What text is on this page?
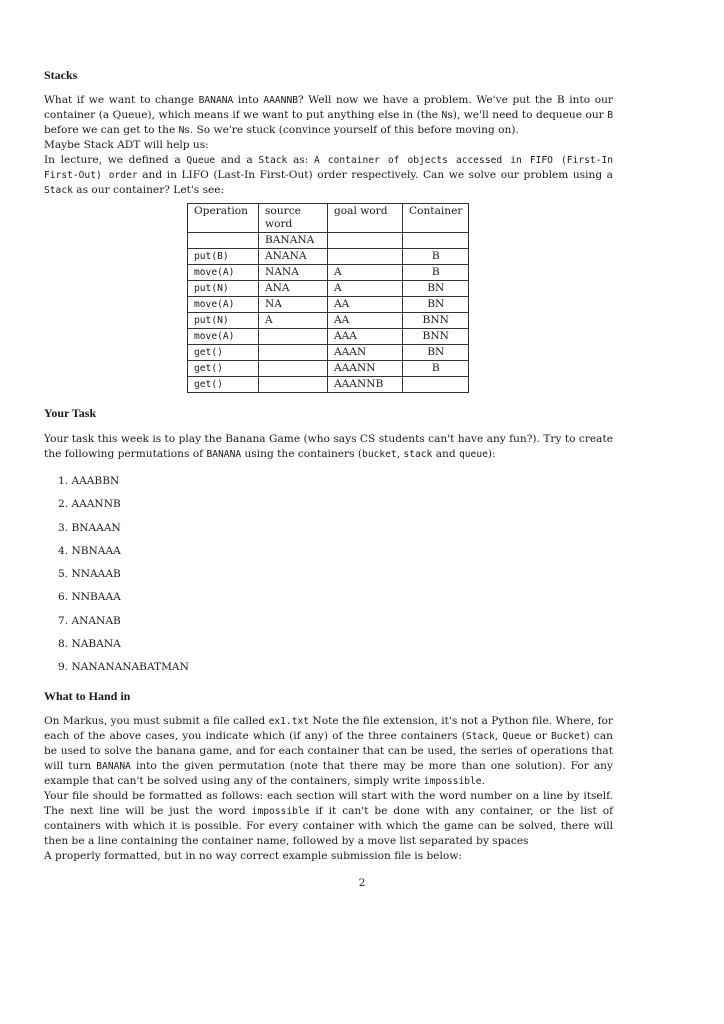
Stacks

What if we want to change BANANA into AAANNB? Well now we have a problem. We've put the B into our container (a Queue), which means if we want to put anything else in (the Ns), we'll need to dequeue our B before we can get to the Ns. So we're stuck (convince yourself of this before moving on).

Maybe Stack ADT will help us:

In lecture, we defined a Queue and a Stack as: A container of objects accessed in FIFO (First-In First-Out) order and in LIFO (Last-In First-Out) order respectively. Can we solve our problem using a Stack as our container? Let's see:

Operation	source word	goal word	Container
	BANANA		
put(B)	ANANA		B
move(A)	NANA	A	B
put(N)	ANA	A	BN
move(A)	NA	AA	BN
put(N)	A	AA	BNN
move(A)		AAA	BNN
get()		AAAN	BN
get()		AAANN	B
get()		AAANNB	
Your Task

Your task this week is to play the Banana Game (who says CS students can't have any fun?). Try to create the following permutations of BANANA using the containers (bucket, stack and queue):

1. AAABBN
2. AAANNB
3. BNAAAN
4. NBNAAA
5. NNAAAB
6. NNBAAA
7. ANANAB
8. NABANA
9. NANANANABATMAN
What to Hand in

On Markus, you must submit a file called ex1.txt Note the file extension, it's not a Python file. Where, for each of the above cases, you indicate which (if any) of the three containers (Stack, Queue or Bucket) can be used to solve the banana game, and for each container that can be used, the series of operations that will turn BANANA into the given permutation (note that there may be more than one solution). For any example that can't be solved using any of the containers, simply write impossible.

Your file should be formatted as follows: each section will start with the word number on a line by itself. The next line will be just the word impossible if it can't be done with any container, or the list of containers with which it is possible. For every container with which the game can be solved, there will then be a line containing the container name, followed by a move list separated by spaces

A properly formatted, but in no way correct example submission file is below:

2
